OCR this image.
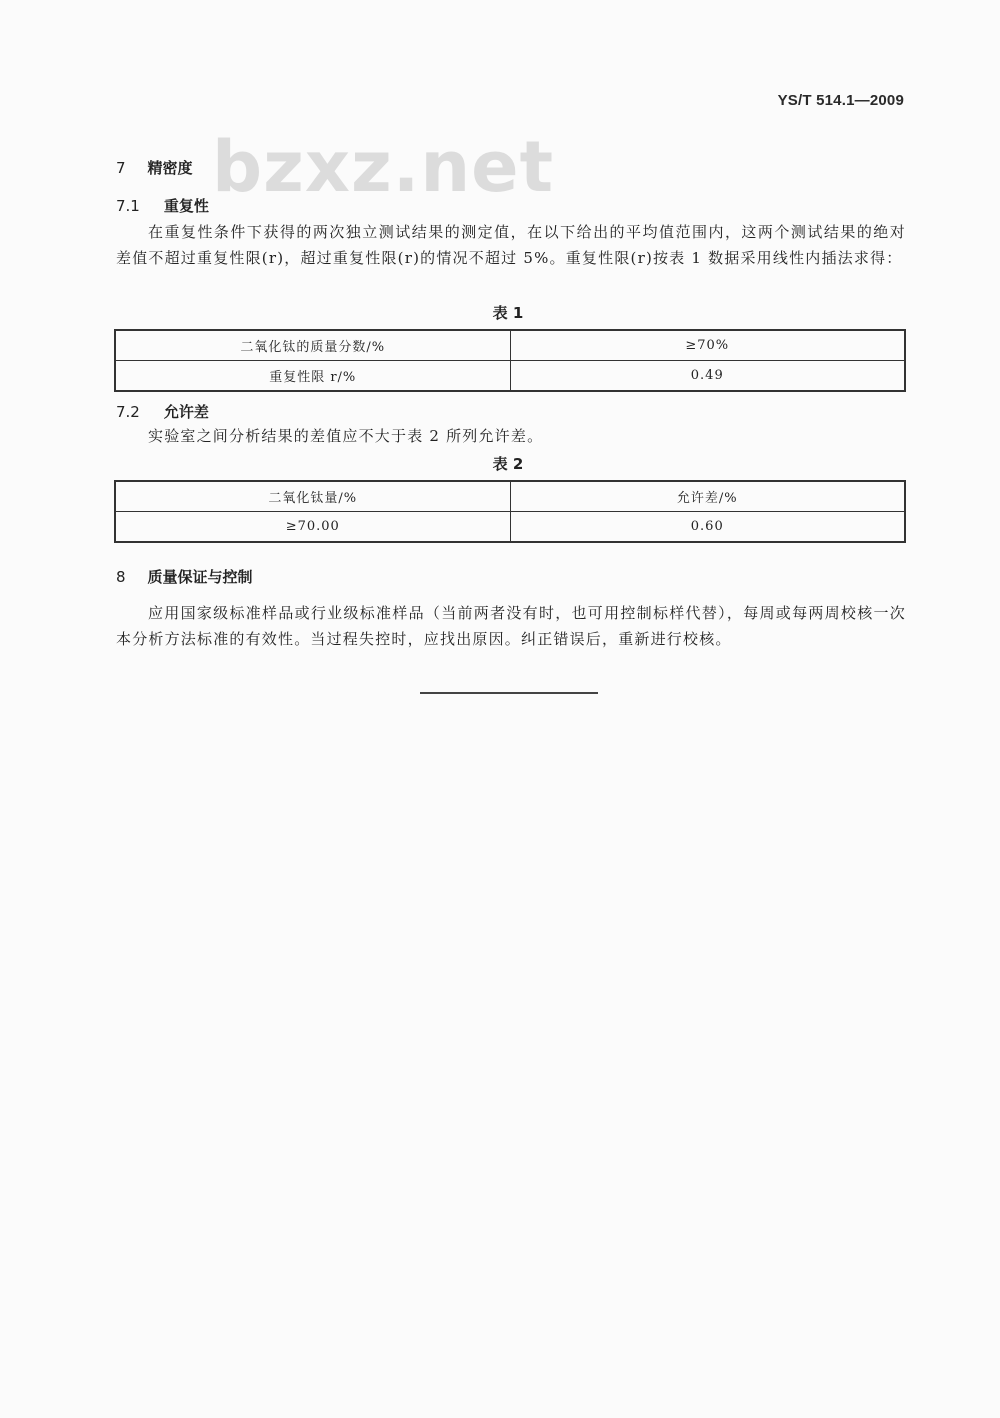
YS/T 514.1—2009
bzxz.net
7 精密度
7.1 重复性
在重复性条件下获得的两次独立测试结果的测定值，在以下给出的平均值范围内，这两个测试结果的绝对差值不超过重复性限(r)，超过重复性限(r)的情况不超过 5%。重复性限(r)按表 1 数据采用线性内插法求得：
表 1
二氧化钛的质量分数/%	≥70%
重复性限 r/%	0.49
7.2 允许差
实验室之间分析结果的差值应不大于表 2 所列允许差。
表 2
二氧化钛量/%	允许差/%
≥70.00	0.60
8 质量保证与控制
应用国家级标准样品或行业级标准样品（当前两者没有时，也可用控制标样代替），每周或每两周校核一次本分析方法标准的有效性。当过程失控时，应找出原因。纠正错误后，重新进行校核。
